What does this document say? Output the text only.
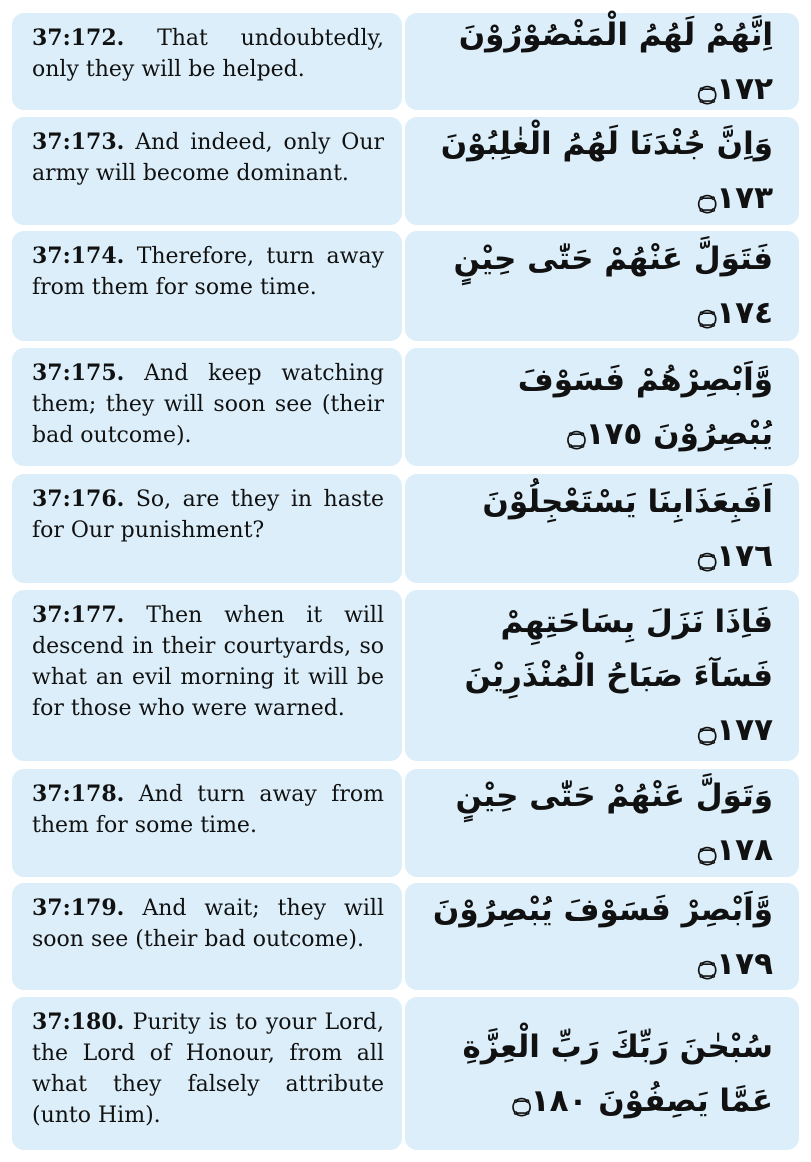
37:172. That undoubtedly, only they will be helped.

اِنَّهُمْ لَهُمُ الْمَنْصُوْرُوْنَ ۝١٧٢

37:173. And indeed, only Our army will become dominant.

وَاِنَّ جُنْدَنَا لَهُمُ الْغٰلِبُوْنَ ۝١٧٣

37:174. Therefore, turn away from them for some time.

فَتَوَلَّ عَنْهُمْ حَتّٰى حِيْنٍ ۝١٧٤

37:175. And keep watching them; they will soon see (their bad outcome).

وَّاَبْصِرْهُمْ فَسَوْفَ يُبْصِرُوْنَ ۝١٧٥

37:176. So, are they in haste for Our punishment?

اَفَبِعَذَابِنَا يَسْتَعْجِلُوْنَ ۝١٧٦

37:177. Then when it will descend in their courtyards, so what an evil morning it will be for those who were warned.

فَاِذَا نَزَلَ بِسَاحَتِهِمْ فَسَآءَ صَبَاحُ الْمُنْذَرِيْنَ ۝١٧٧

37:178. And turn away from them for some time.

وَتَوَلَّ عَنْهُمْ حَتّٰى حِيْنٍ ۝١٧٨

37:179. And wait; they will soon see (their bad outcome).

وَّاَبْصِرْ فَسَوْفَ يُبْصِرُوْنَ ۝١٧٩

37:180. Purity is to your Lord, the Lord of Honour, from all what they falsely attribute (unto Him).

سُبْحٰنَ رَبِّكَ رَبِّ الْعِزَّةِ عَمَّا يَصِفُوْنَ ۝١٨٠
